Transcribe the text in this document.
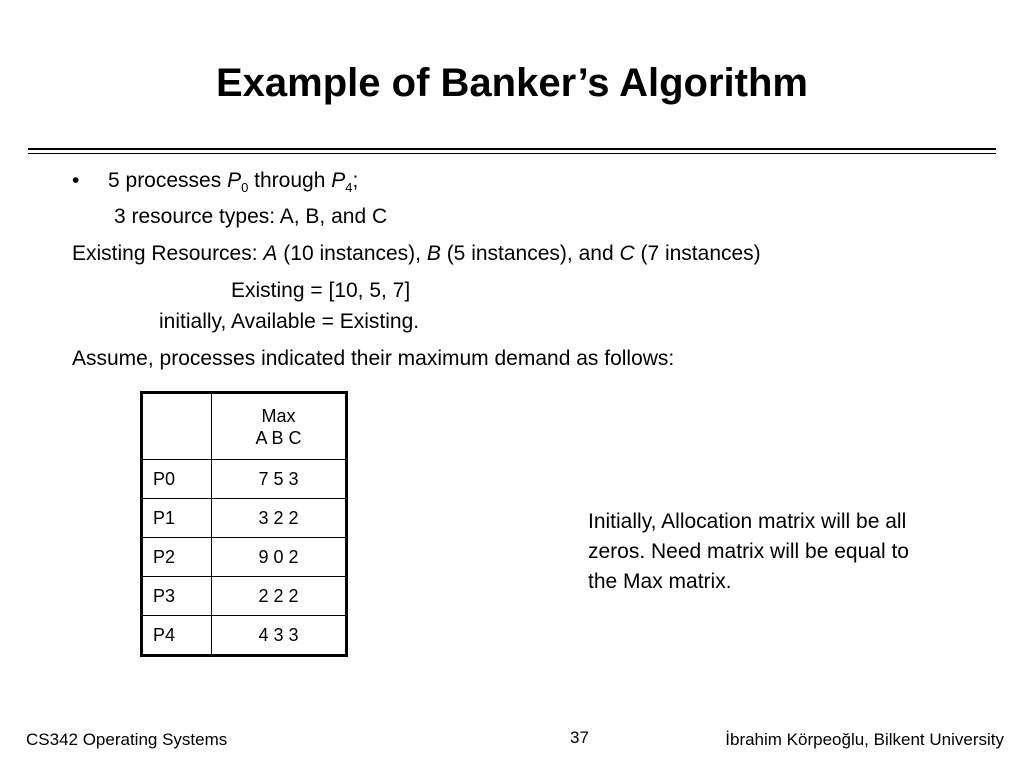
Example of Banker’s Algorithm
• 5 processes $P_0$ through $P_4$;
3 resource types: A, B, and C
Existing Resources: A (10 instances), B (5 instances), and C (7 instances)
Existing = [10, 5, 7]
initially, Available = Existing.
Assume, processes indicated their maximum demand as follows:
	Max
A B C
P0	7 5 3
P1	3 2 2
P2	9 0 2
P3	2 2 2
P4	4 3 3
Initially, Allocation matrix will be all zeros. Need matrix will be equal to the Max matrix.
CS342 Operating Systems	37	İbrahim Körpeoğlu, Bilkent University
